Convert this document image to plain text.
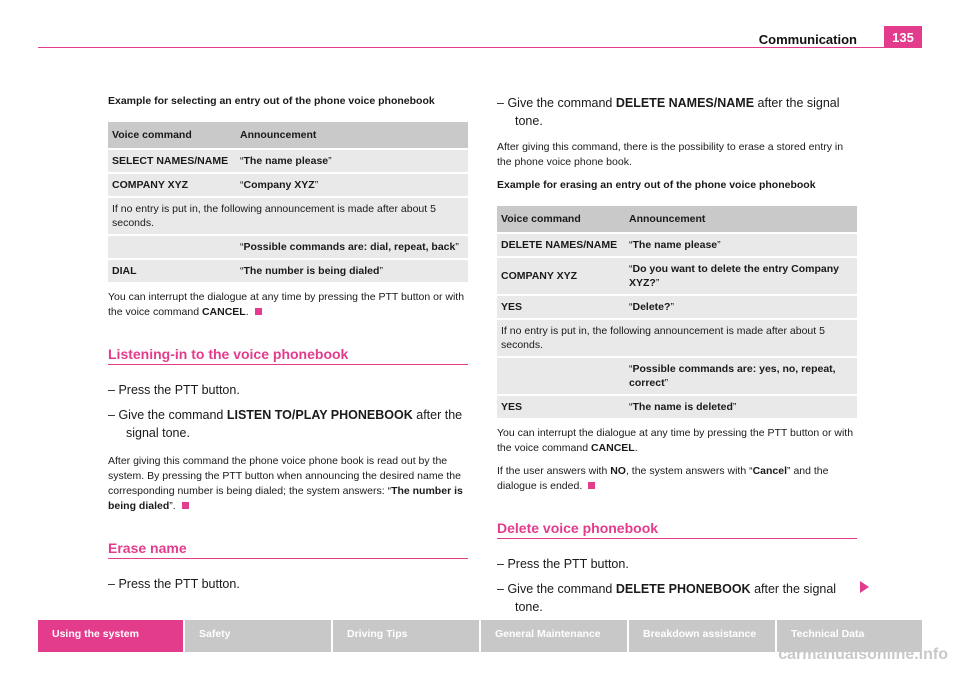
Communication	135

Example for selecting an entry out of the phone voice phonebook

Voice command	Announcement
SELECT NAMES/NAME	“The name please”
COMPANY XYZ	“Company XYZ”
If no entry is put in, the following announcement is made after about 5 seconds.	
	“Possible commands are: dial, repeat, back”
DIAL	“The number is being dialed”

You can interrupt the dialogue at any time by pressing the PTT button or with the voice command CANCEL.

Listening-in to the voice phonebook

– Press the PTT button.

– Give the command LISTEN TO/PLAY PHONEBOOK after the signal tone.

After giving this command the phone voice phone book is read out by the system. By pressing the PTT button when announcing the desired name the corresponding number is being dialed; the system answers: “The number is being dialed”.

Erase name

– Press the PTT button.

– Give the command DELETE NAMES/NAME after the signal tone.

After giving this command, there is the possibility to erase a stored entry in the phone voice phone book.

Example for erasing an entry out of the phone voice phonebook

Voice command	Announcement
DELETE NAMES/NAME	“The name please”
COMPANY XYZ	“Do you want to delete the entry Company XYZ?”
YES	“Delete?”
If no entry is put in, the following announcement is made after about 5 seconds.	
	“Possible commands are: yes, no, repeat, correct”
YES	“The name is deleted”

You can interrupt the dialogue at any time by pressing the PTT button or with the voice command CANCEL.

If the user answers with NO, the system answers with “Cancel” and the dialogue is ended.

Delete voice phonebook

– Press the PTT button.

– Give the command DELETE PHONEBOOK after the signal tone.

Using the system	Safety	Driving Tips	General Maintenance	Breakdown assistance	Technical Data
carmanualsonline.info
